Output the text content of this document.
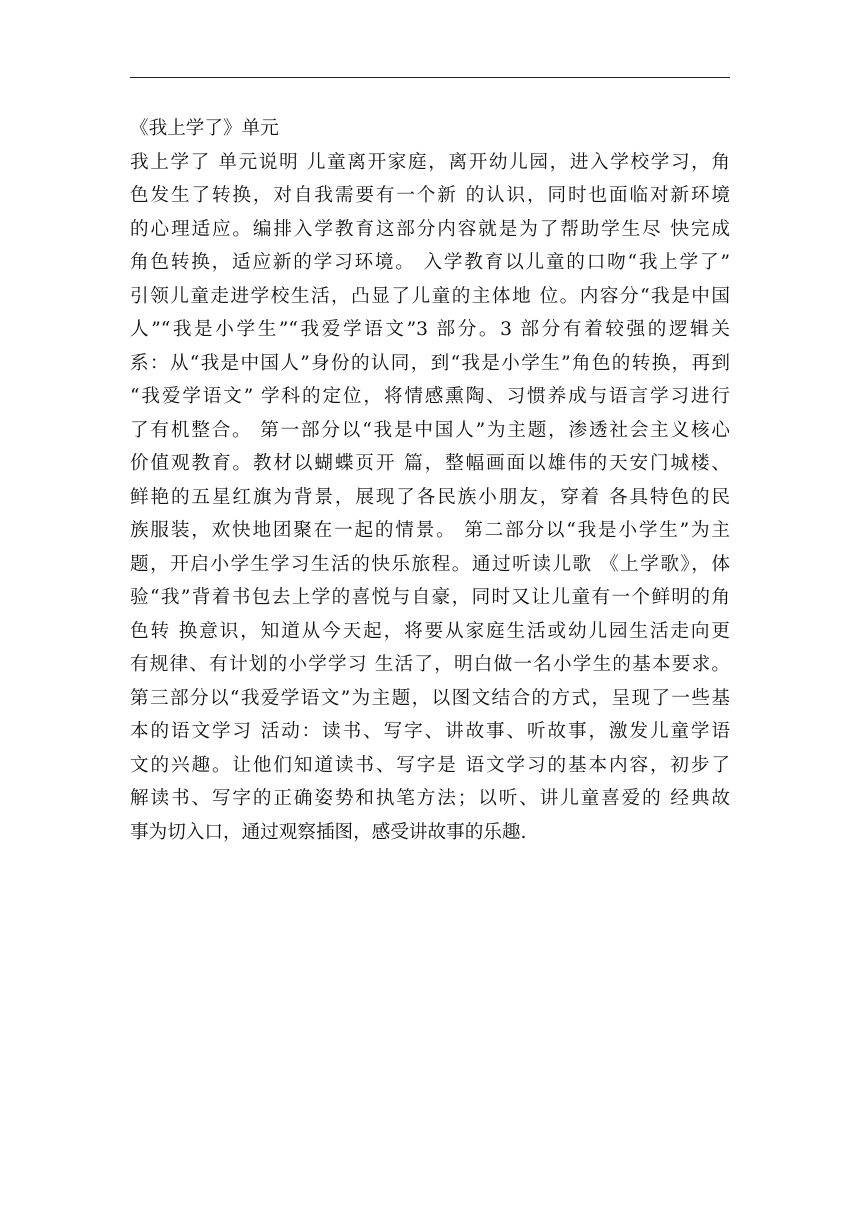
《我上学了》单元
我上学了 单元说明 儿童离开家庭，离开幼儿园，进入学校学习，角
色发生了转换，对自我需要有一个新 的认识，同时也面临对新环境
的心理适应。编排入学教育这部分内容就是为了帮助学生尽 快完成
角色转换，适应新的学习环境。 入学教育以儿童的口吻“我上学了”
引领儿童走进学校生活，凸显了儿童的主体地 位。内容分“我是中国
人”“我是小学生”“我爱学语文”3 部分。3 部分有着较强的逻辑关
系：从“我是中国人”身份的认同，到“我是小学生”角色的转换，再到
“我爱学语文” 学科的定位，将情感熏陶、习惯养成与语言学习进行
了有机整合。 第一部分以“我是中国人”为主题，渗透社会主义核心
价值观教育。教材以蝴蝶页开 篇，整幅画面以雄伟的天安门城楼、
鲜艳的五星红旗为背景，展现了各民族小朋友，穿着 各具特色的民
族服装，欢快地团聚在一起的情景。 第二部分以“我是小学生”为主
题，开启小学生学习生活的快乐旅程。通过听读儿歌 《上学歌》，体
验“我”背着书包去上学的喜悦与自豪，同时又让儿童有一个鲜明的角
色转 换意识，知道从今天起，将要从家庭生活或幼儿园生活走向更
有规律、有计划的小学学习 生活了，明白做一名小学生的基本要求。
第三部分以“我爱学语文”为主题，以图文结合的方式，呈现了一些基
本的语文学习 活动：读书、写字、讲故事、听故事，激发儿童学语
文的兴趣。让他们知道读书、写字是 语文学习的基本内容，初步了
解读书、写字的正确姿势和执笔方法；以听、讲儿童喜爱的 经典故
事为切入口，通过观察插图，感受讲故事的乐趣.
